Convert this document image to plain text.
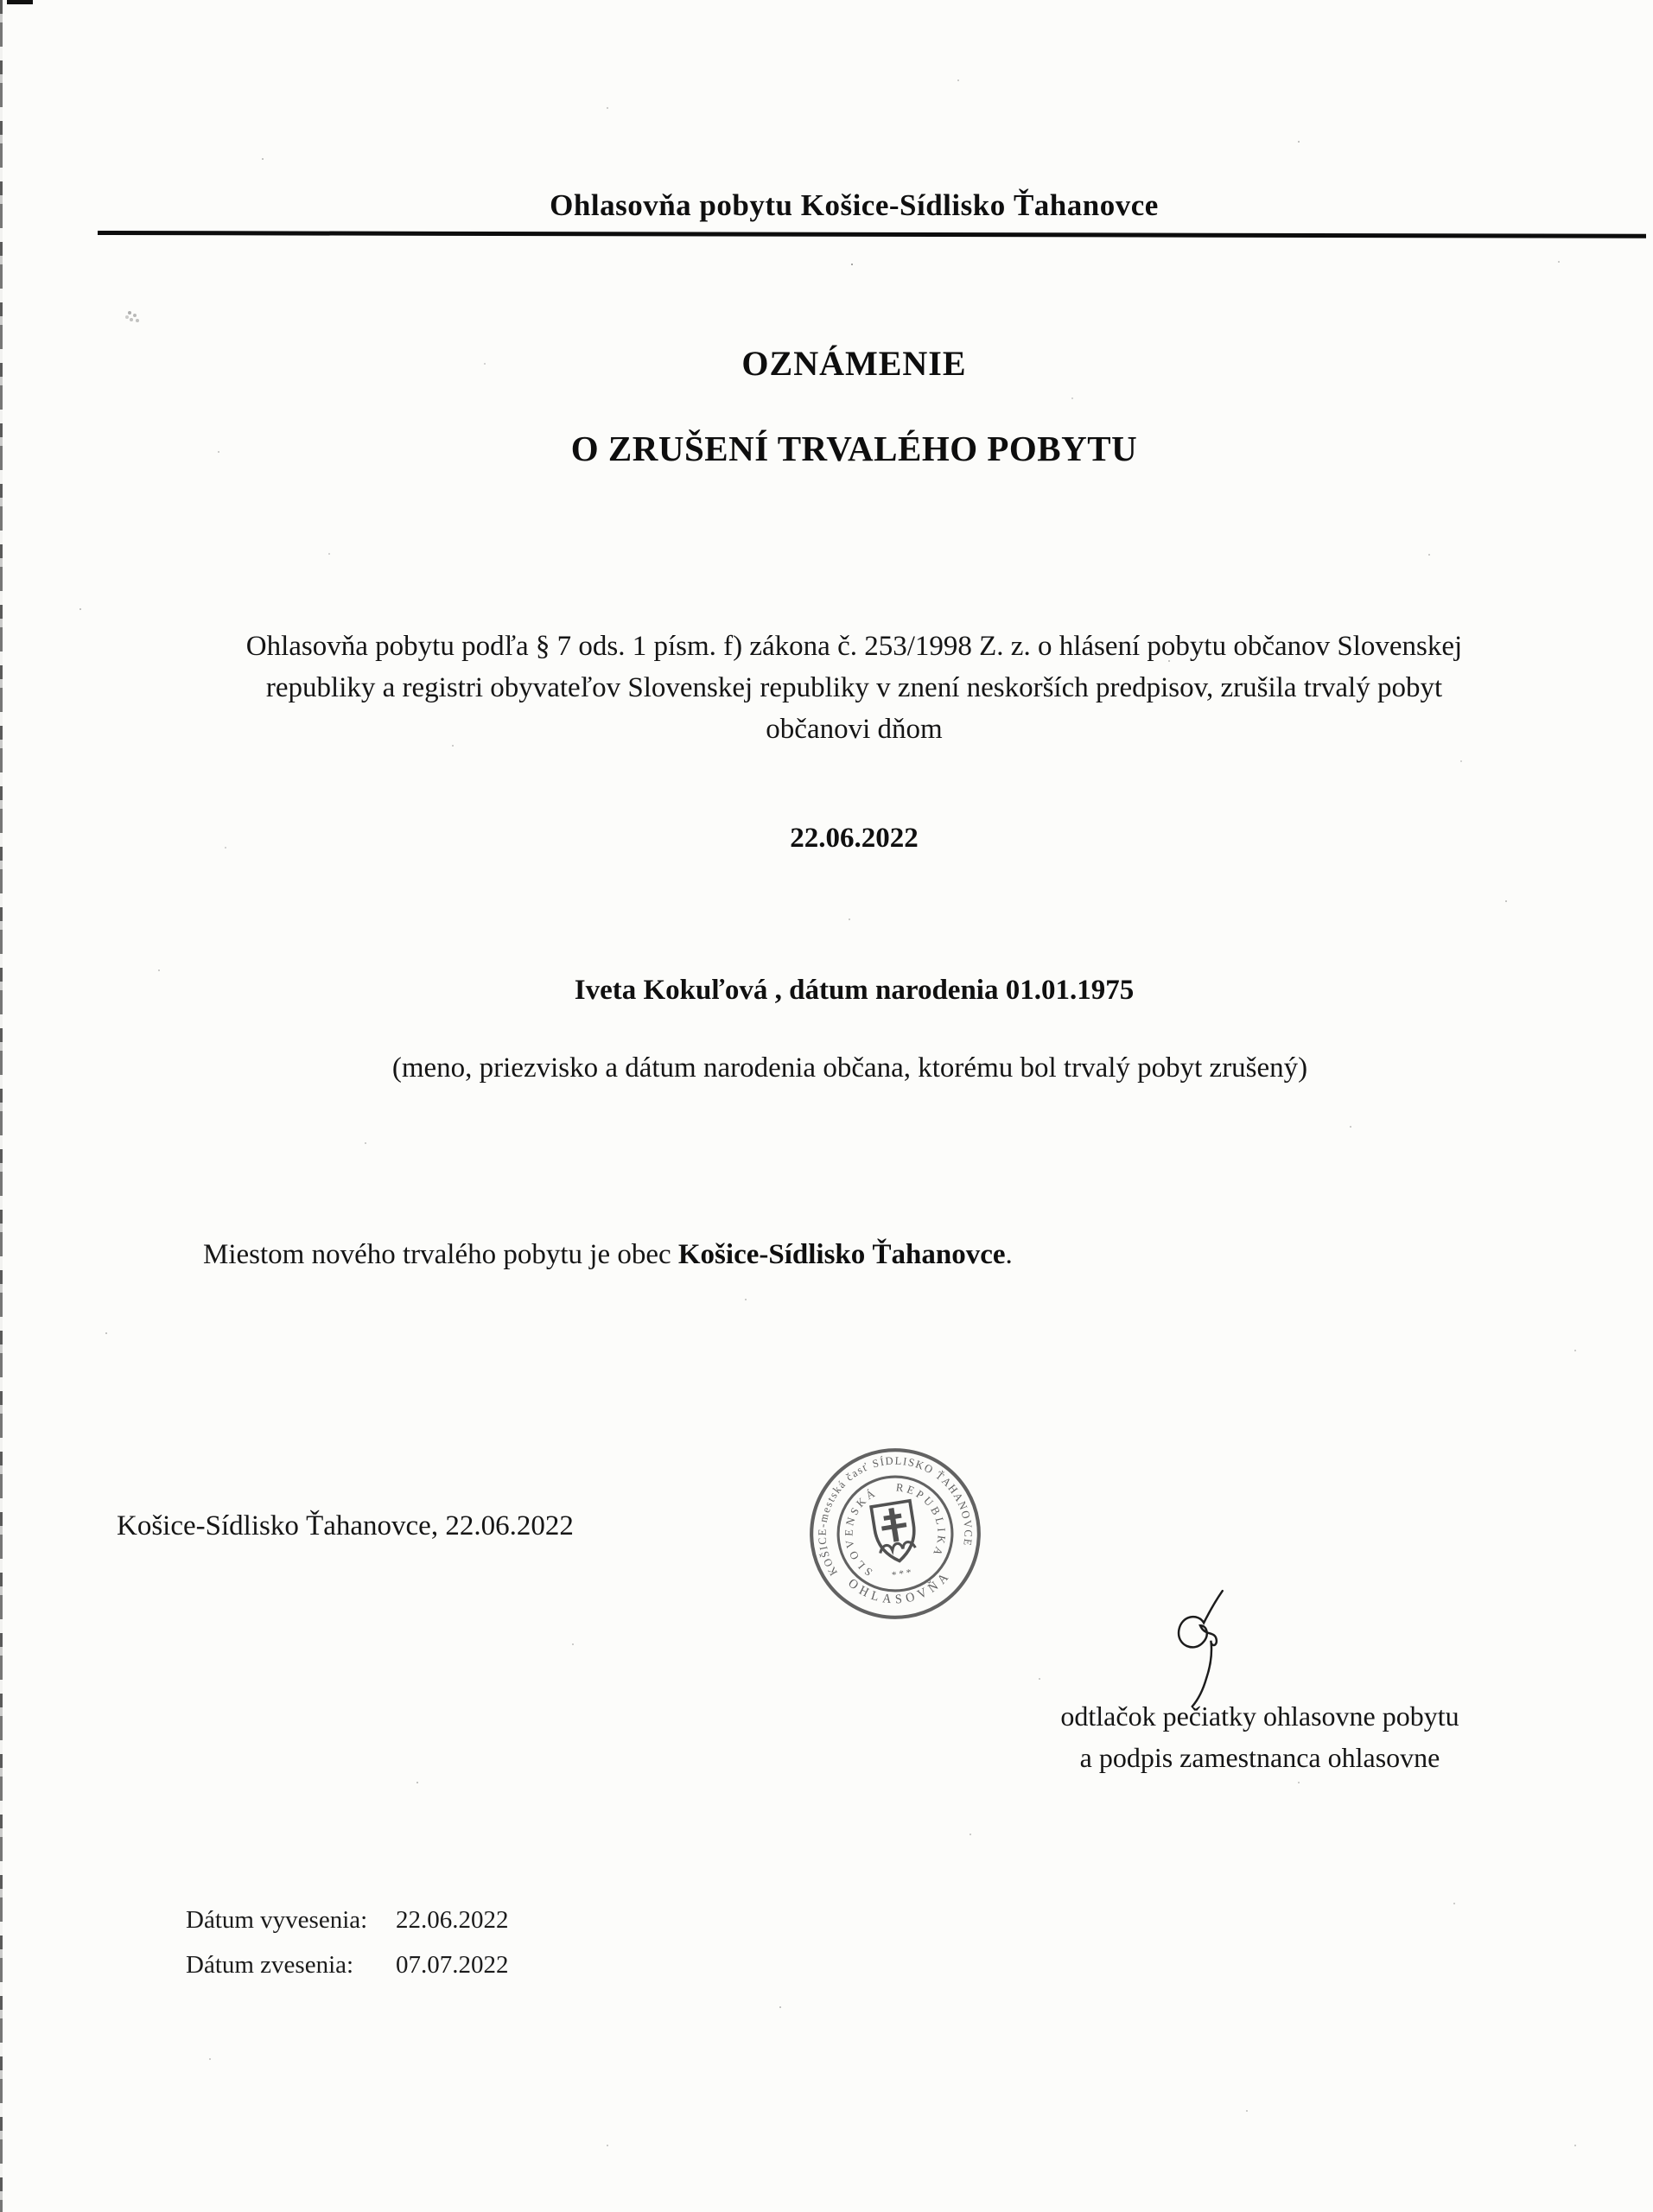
Ohlasovňa pobytu Košice-Sídlisko Ťahanovce
OZNÁMENIE
O ZRUŠENÍ TRVALÉHO POBYTU
Ohlasovňa pobytu podľa § 7 ods. 1 písm. f) zákona č. 253/1998 Z. z. o hlásení pobytu občanov Slovenskej
republiky a registri obyvateľov Slovenskej republiky v znení neskorších predpisov, zrušila trvalý pobyt
občanovi dňom
22.06.2022
Iveta Kokuľová , dátum narodenia 01.01.1975
(meno, priezvisko a dátum narodenia občana, ktorému bol trvalý pobyt zrušený)
Miestom nového trvalého pobytu je obec Košice-Sídlisko Ťahanovce.
Košice-Sídlisko Ťahanovce, 22.06.2022
KOŠICE-mestská časť SÍDLISKO ŤAHANOVCE
OHLASOVŇA
SLOVENSKÁ   REPUBLIKA
* * *
odtlačok pečiatky ohlasovne pobytu
a podpis zamestnanca ohlasovne
Dátum vyvesenia:	22.06.2022
Dátum zvesenia:	07.07.2022
